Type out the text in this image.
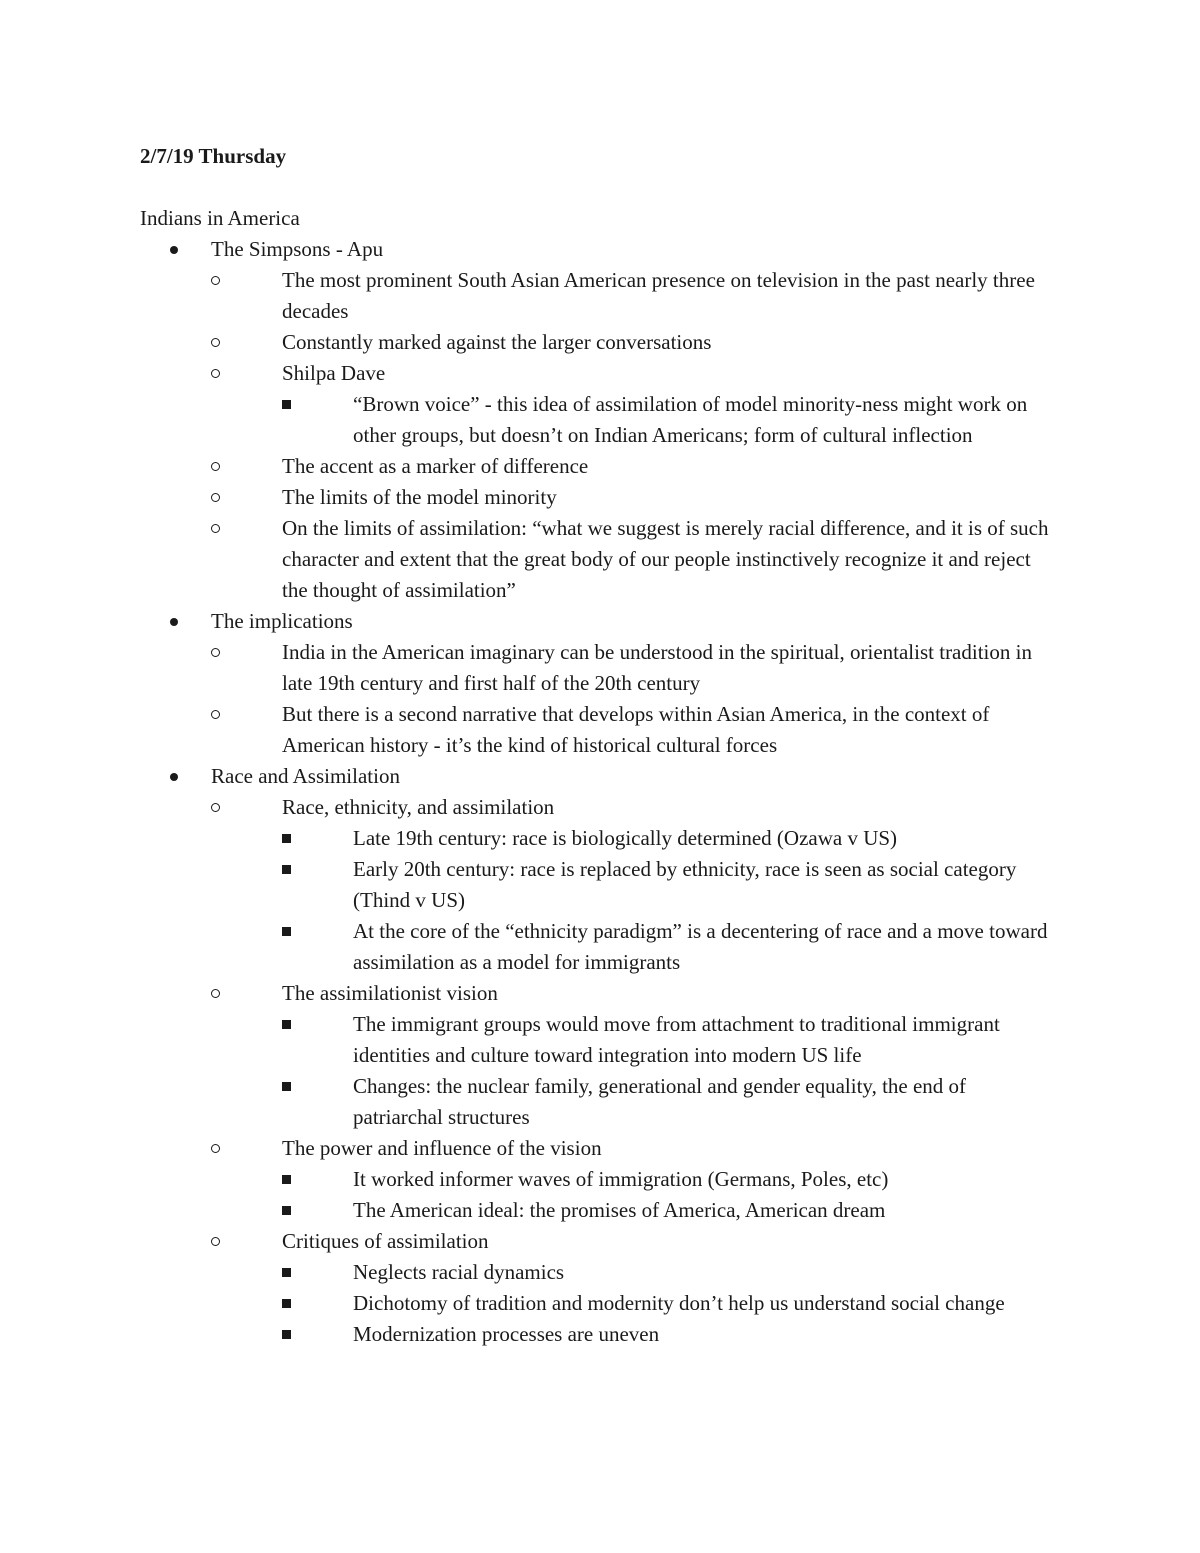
2/7/19 Thursday

Indians in America

The Simpsons - Apu
The most prominent South Asian American presence on television in the past nearly three decades
Constantly marked against the larger conversations
Shilpa Dave
“Brown voice” - this idea of assimilation of model minority-ness might work on other groups, but doesn’t on Indian Americans; form of cultural inflection
The accent as a marker of difference
The limits of the model minority
On the limits of assimilation: “what we suggest is merely racial difference, and it is of such character and extent that the great body of our people instinctively recognize it and reject the thought of assimilation”
The implications
India in the American imaginary can be understood in the spiritual, orientalist tradition in late 19th century and first half of the 20th century
But there is a second narrative that develops within Asian America, in the context of American history - it’s the kind of historical cultural forces
Race and Assimilation
Race, ethnicity, and assimilation
Late 19th century: race is biologically determined (Ozawa v US)
Early 20th century: race is replaced by ethnicity, race is seen as social category (Thind v US)
At the core of the “ethnicity paradigm” is a decentering of race and a move toward assimilation as a model for immigrants
The assimilationist vision
The immigrant groups would move from attachment to traditional immigrant identities and culture toward integration into modern US life
Changes: the nuclear family, generational and gender equality, the end of patriarchal structures
The power and influence of the vision
It worked informer waves of immigration (Germans, Poles, etc)
The American ideal: the promises of America, American dream
Critiques of assimilation
Neglects racial dynamics
Dichotomy of tradition and modernity don’t help us understand social change
Modernization processes are uneven
